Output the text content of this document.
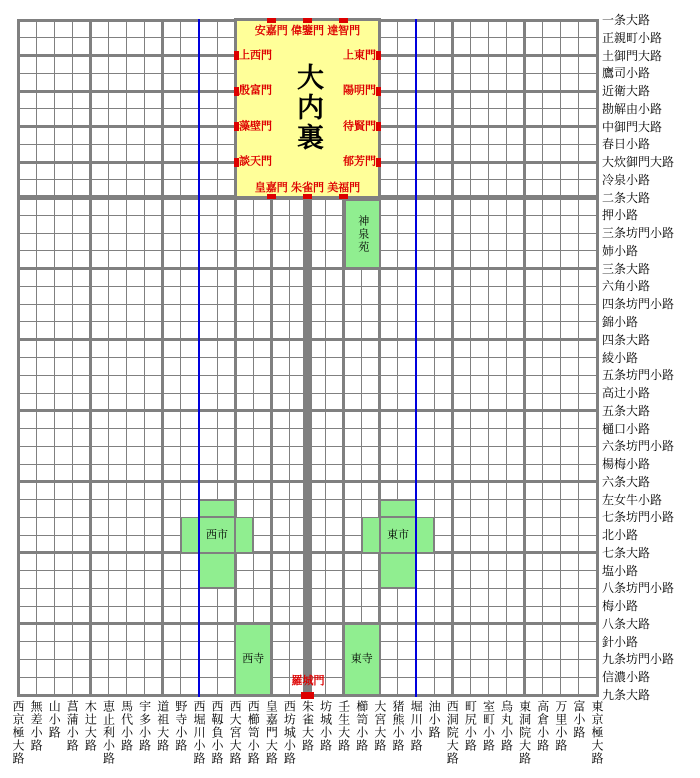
大内裏
安嘉門 偉鑒門 達智門
皇嘉門 朱雀門 美福門
上西門
殷富門
藻壁門
談天門
上東門
陽明門
待賢門
郁芳門
羅城門
一条大路
正親町小路
土御門大路
鷹司小路
近衛大路
勘解由小路
中御門大路
春日小路
大炊御門大路
冷泉小路
二条大路
押小路
三条坊門小路
姉小路
三条大路
六角小路
四条坊門小路
錦小路
四条大路
綾小路
五条坊門小路
高辻小路
五条大路
樋口小路
六条坊門小路
楊梅小路
六条大路
左女牛小路
七条坊門小路
北小路
七条大路
塩小路
八条坊門小路
梅小路
八条大路
針小路
九条坊門小路
信濃小路
九条大路
西京極大路 無差小路 山小路 菖蒲小路 木辻大路 恵止利小路 馬代小路 宇多小路 道祖大路 野寺小路 西堀川小路 西靱負小路 西大宮大路 西櫛笥小路 皇嘉門大路 西坊城小路 朱雀大路 坊城小路 壬生大路 櫛笥小路 大宮大路 猪熊小路 堀川小路 油小路 西洞院大路 町尻小路 室町小路 烏丸小路 東洞院大路 高倉小路 万里小路 富小路 東京極大路
神泉苑
西市	東市
西寺	東寺
